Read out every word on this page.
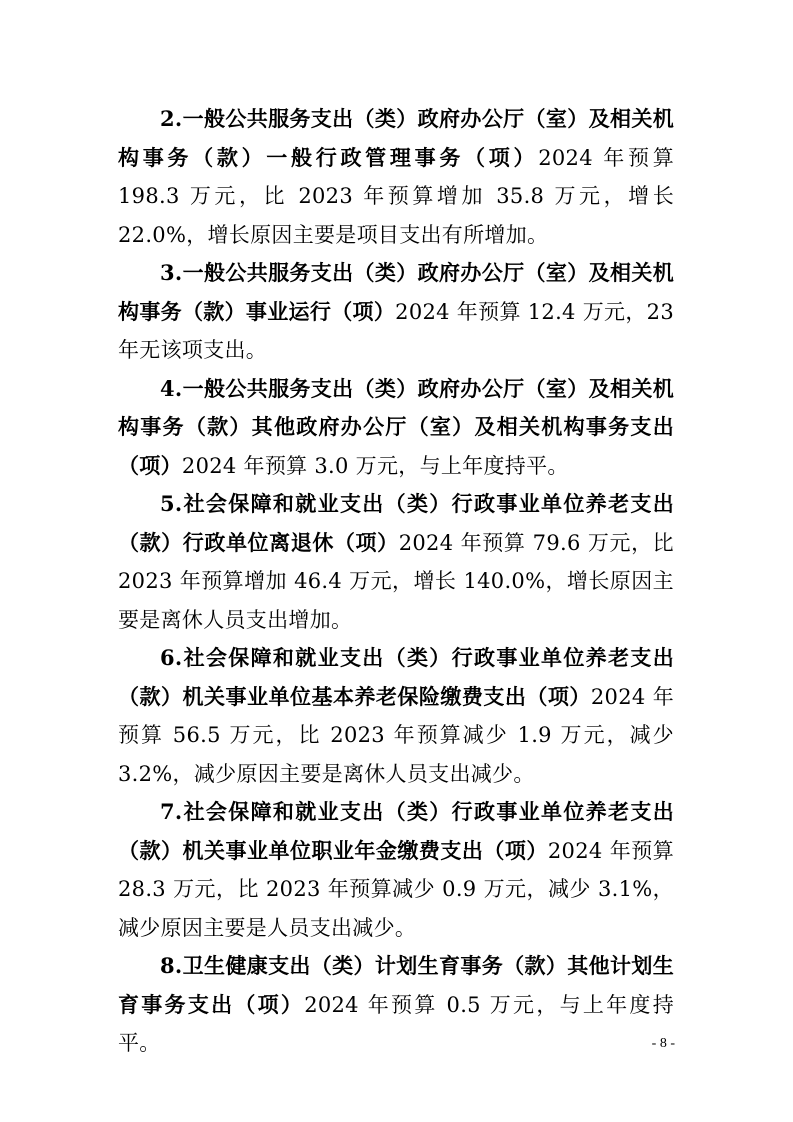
2.一般公共服务支出（类）政府办公厅（室）及相关机构事务（款）一般行政管理事务（项）2024 年预算 198.3 万元，比 2023 年预算增加 35.8 万元，增长 22.0%，增长原因主要是项目支出有所增加。

3.一般公共服务支出（类）政府办公厅（室）及相关机构事务（款）事业运行（项）2024 年预算 12.4 万元，23 年无该项支出。

4.一般公共服务支出（类）政府办公厅（室）及相关机构事务（款）其他政府办公厅（室）及相关机构事务支出（项）2024 年预算 3.0 万元，与上年度持平。

5.社会保障和就业支出（类）行政事业单位养老支出（款）行政单位离退休（项）2024 年预算 79.6 万元，比 2023 年预算增加 46.4 万元，增长 140.0%，增长原因主要是离休人员支出增加。

6.社会保障和就业支出（类）行政事业单位养老支出（款）机关事业单位基本养老保险缴费支出（项）2024 年预算 56.5 万元，比 2023 年预算减少 1.9 万元，减少 3.2%，减少原因主要是离休人员支出减少。

7.社会保障和就业支出（类）行政事业单位养老支出（款）机关事业单位职业年金缴费支出（项）2024 年预算 28.3 万元，比 2023 年预算减少 0.9 万元，减少 3.1%，减少原因主要是人员支出减少。

8.卫生健康支出（类）计划生育事务（款）其他计划生育事务支出（项）2024 年预算 0.5 万元，与上年度持平。	- 8 -
